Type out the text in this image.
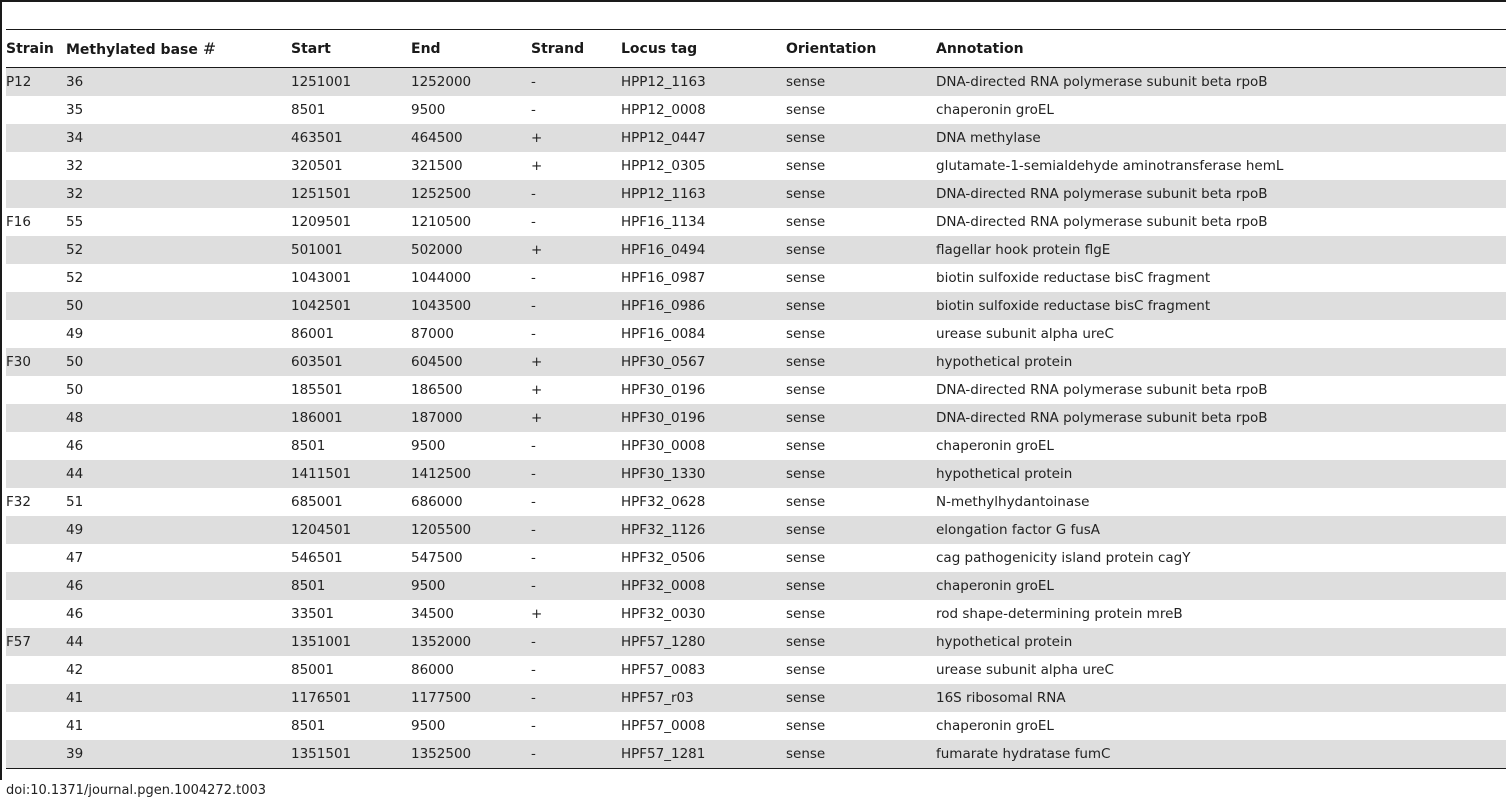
Strain	Methylated base #	Start	End	Strand	Locus tag	Orientation	Annotation
P12	36	1251001	1252000	-	HPP12_1163	sense	DNA-directed RNA polymerase subunit beta rpoB
	35	8501	9500	-	HPP12_0008	sense	chaperonin groEL
	34	463501	464500	+	HPP12_0447	sense	DNA methylase
	32	320501	321500	+	HPP12_0305	sense	glutamate-1-semialdehyde aminotransferase hemL
	32	1251501	1252500	-	HPP12_1163	sense	DNA-directed RNA polymerase subunit beta rpoB
F16	55	1209501	1210500	-	HPF16_1134	sense	DNA-directed RNA polymerase subunit beta rpoB
	52	501001	502000	+	HPF16_0494	sense	flagellar hook protein flgE
	52	1043001	1044000	-	HPF16_0987	sense	biotin sulfoxide reductase bisC fragment
	50	1042501	1043500	-	HPF16_0986	sense	biotin sulfoxide reductase bisC fragment
	49	86001	87000	-	HPF16_0084	sense	urease subunit alpha ureC
F30	50	603501	604500	+	HPF30_0567	sense	hypothetical protein
	50	185501	186500	+	HPF30_0196	sense	DNA-directed RNA polymerase subunit beta rpoB
	48	186001	187000	+	HPF30_0196	sense	DNA-directed RNA polymerase subunit beta rpoB
	46	8501	9500	-	HPF30_0008	sense	chaperonin groEL
	44	1411501	1412500	-	HPF30_1330	sense	hypothetical protein
F32	51	685001	686000	-	HPF32_0628	sense	N-methylhydantoinase
	49	1204501	1205500	-	HPF32_1126	sense	elongation factor G fusA
	47	546501	547500	-	HPF32_0506	sense	cag pathogenicity island protein cagY
	46	8501	9500	-	HPF32_0008	sense	chaperonin groEL
	46	33501	34500	+	HPF32_0030	sense	rod shape-determining protein mreB
F57	44	1351001	1352000	-	HPF57_1280	sense	hypothetical protein
	42	85001	86000	-	HPF57_0083	sense	urease subunit alpha ureC
	41	1176501	1177500	-	HPF57_r03	sense	16S ribosomal RNA
	41	8501	9500	-	HPF57_0008	sense	chaperonin groEL
	39	1351501	1352500	-	HPF57_1281	sense	fumarate hydratase fumC
doi:10.1371/journal.pgen.1004272.t003
